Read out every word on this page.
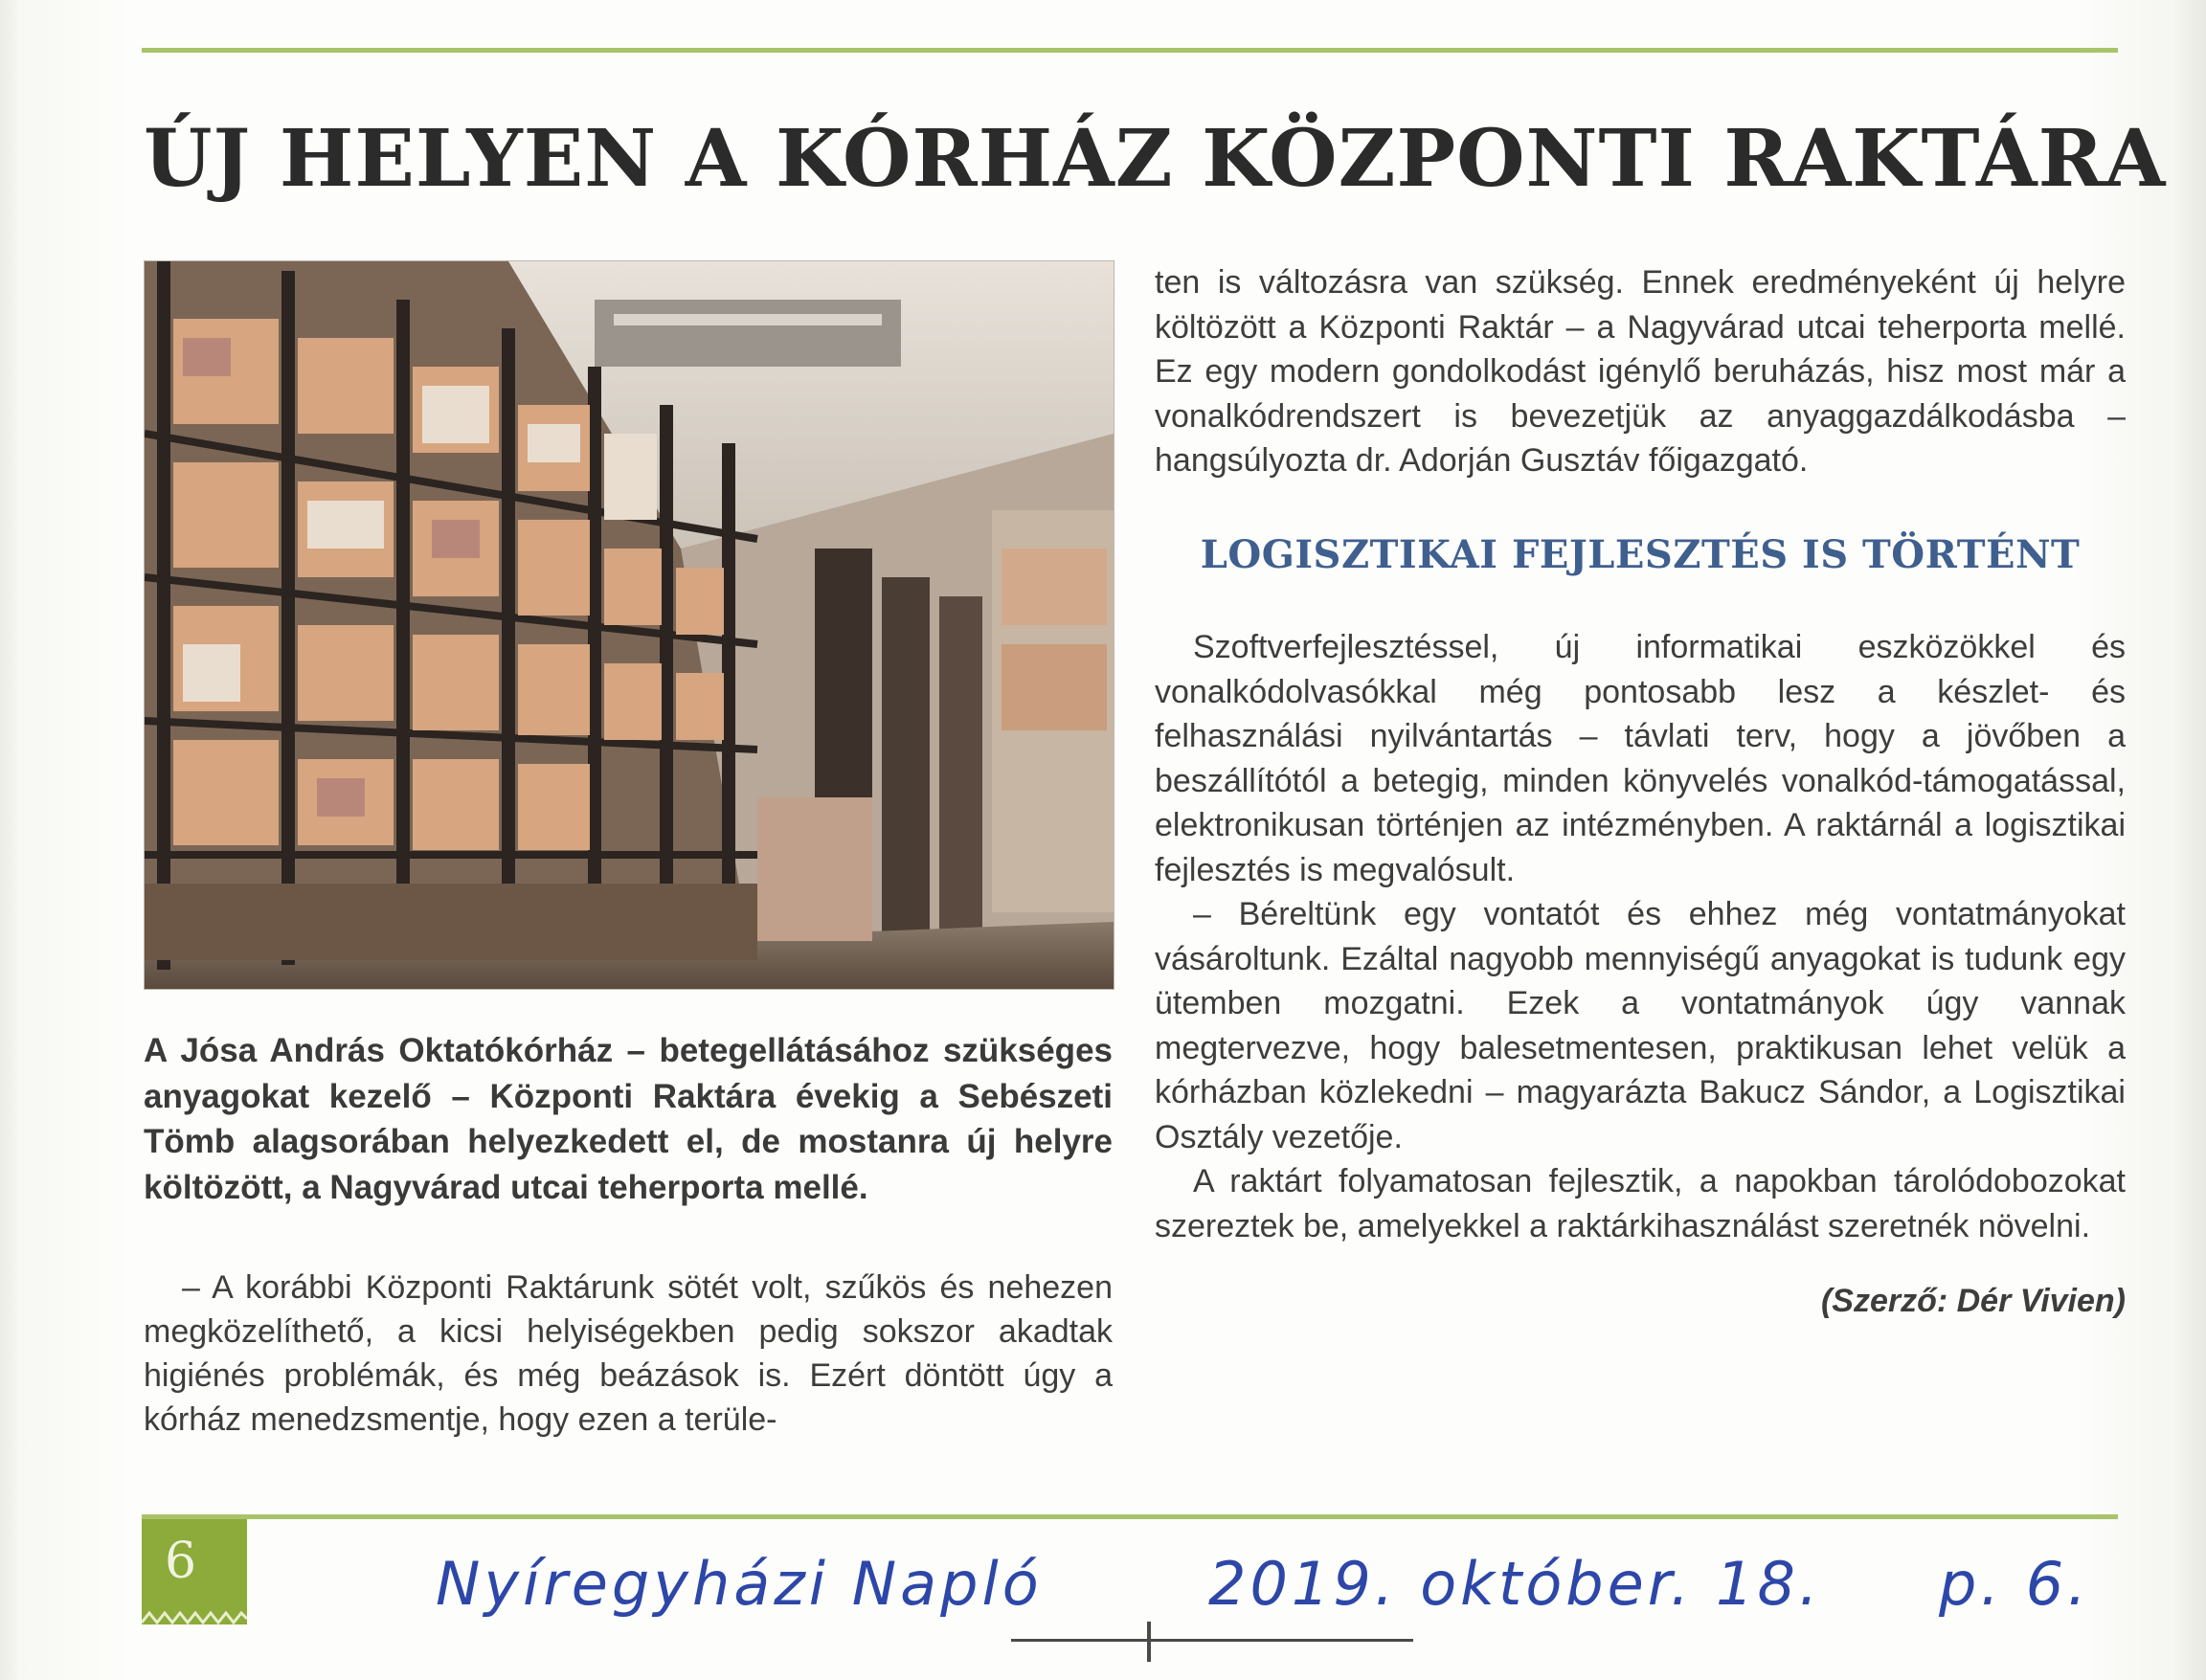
ÚJ HELYEN A KÓRHÁZ KÖZPONTI RAKTÁRA

A Jósa András Oktatókórház – betegellátásához szükséges anyagokat kezelő – Központi Raktára évekig a Sebészeti Tömb alagsorában helyezkedett el, de mostanra új helyre költözött, a Nagyvárad utcai teherporta mellé.

– A korábbi Központi Raktárunk sötét volt, szűkös és nehezen megközelíthető, a kicsi helyiségekben pedig sokszor akadtak higiénés problémák, és még beázások is. Ezért döntött úgy a kórház menedzsmentje, hogy ezen a terüle-

ten is változásra van szükség. Ennek eredményeként új helyre költözött a Központi Raktár – a Nagyvárad utcai teherporta mellé. Ez egy modern gondolkodást igénylő beruházás, hisz most már a vonalkódrendszert is bevezetjük az anyaggazdálkodásba – hangsúlyozta dr. Adorján Gusztáv főigazgató.

LOGISZTIKAI FEJLESZTÉS IS TÖRTÉNT

Szoftverfejlesztéssel, új informatikai eszközökkel és vonalkódolvasókkal még pontosabb lesz a készlet- és felhasználási nyilvántartás – távlati terv, hogy a jövőben a beszállítótól a betegig, minden könyvelés vonalkód-támogatással, elektronikusan történjen az intézményben. A raktárnál a logisztikai fejlesztés is megvalósult.

– Béreltünk egy vontatót és ehhez még vontatmányokat vásároltunk. Ezáltal nagyobb mennyiségű anyagokat is tudunk egy ütemben mozgatni. Ezek a vontatmányok úgy vannak megtervezve, hogy balesetmentesen, praktikusan lehet velük a kórházban közlekedni – magyarázta Bakucz Sándor, a Logisztikai Osztály vezetője.

A raktárt folyamatosan fejlesztik, a napokban tárolódobozokat szereztek be, amelyekkel a raktárkihasználást szeretnék növelni.

(Szerző: Dér Vivien)
6	Nyíregyházi Napló	2019. október. 18. p. 6.
